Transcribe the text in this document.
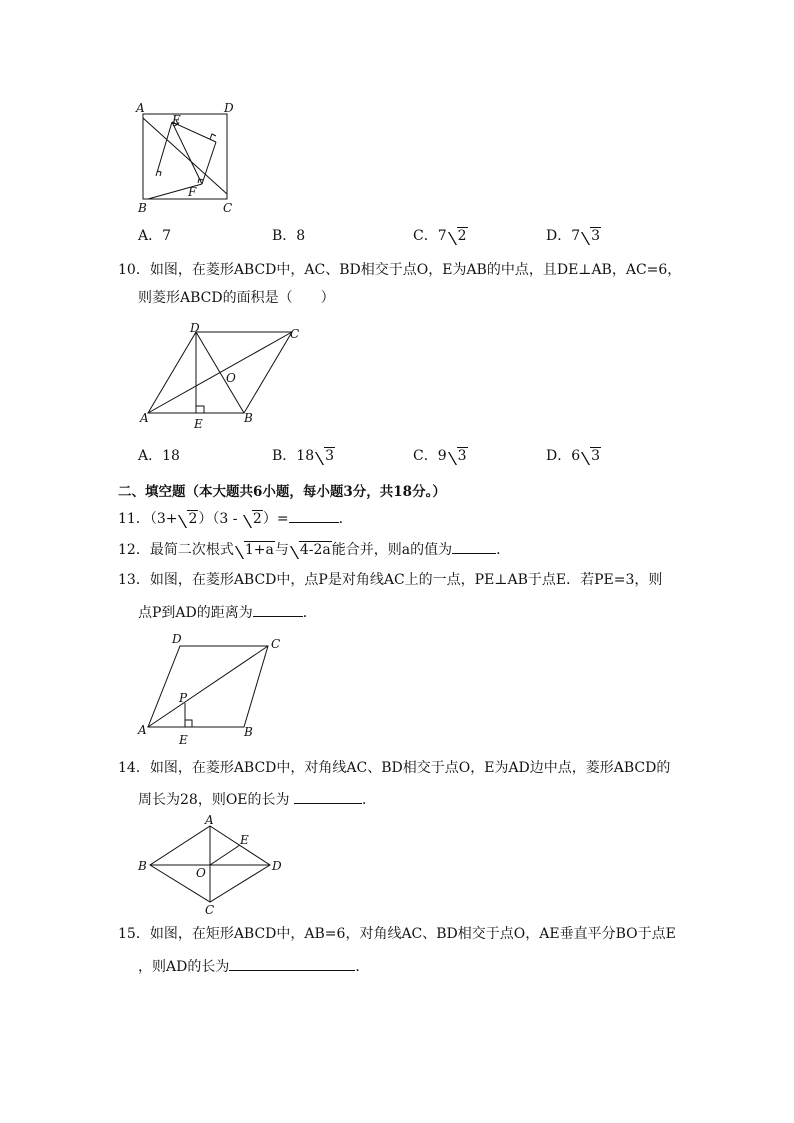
A	D
E
F
B	C
A．7	B．8	C．7 2	D．7 3
10．如图，在菱形ABCD中，AC、BD相交于点O，E为AB的中点，且DE⊥AB，AC=6，
则菱形ABCD的面积是（　　）
D	C
O
A	B
E
A．18	B．18 3	C．9 3	D．6 3
二、填空题（本大题共6小题，每小题3分，共18分。）
11．（3+ 2）（3 - 2）=	．
12．最简二次根式 1+a与 4-2a能合并，则a的值为	．
13．如图，在菱形ABCD中，点P是对角线AC上的一点，PE⊥AB于点E．若PE=3，则
点P到AD的距离为	．
D	C
P
A	B
E
14．如图，在菱形ABCD中，对角线AC、BD相交于点O，E为AD边中点，菱形ABCD的
周长为28，则OE的长为	．
A
E
B	D
O
C
15．如图，在矩形ABCD中，AB=6，对角线AC、BD相交于点O，AE垂直平分BO于点E
，则AD的长为	．
